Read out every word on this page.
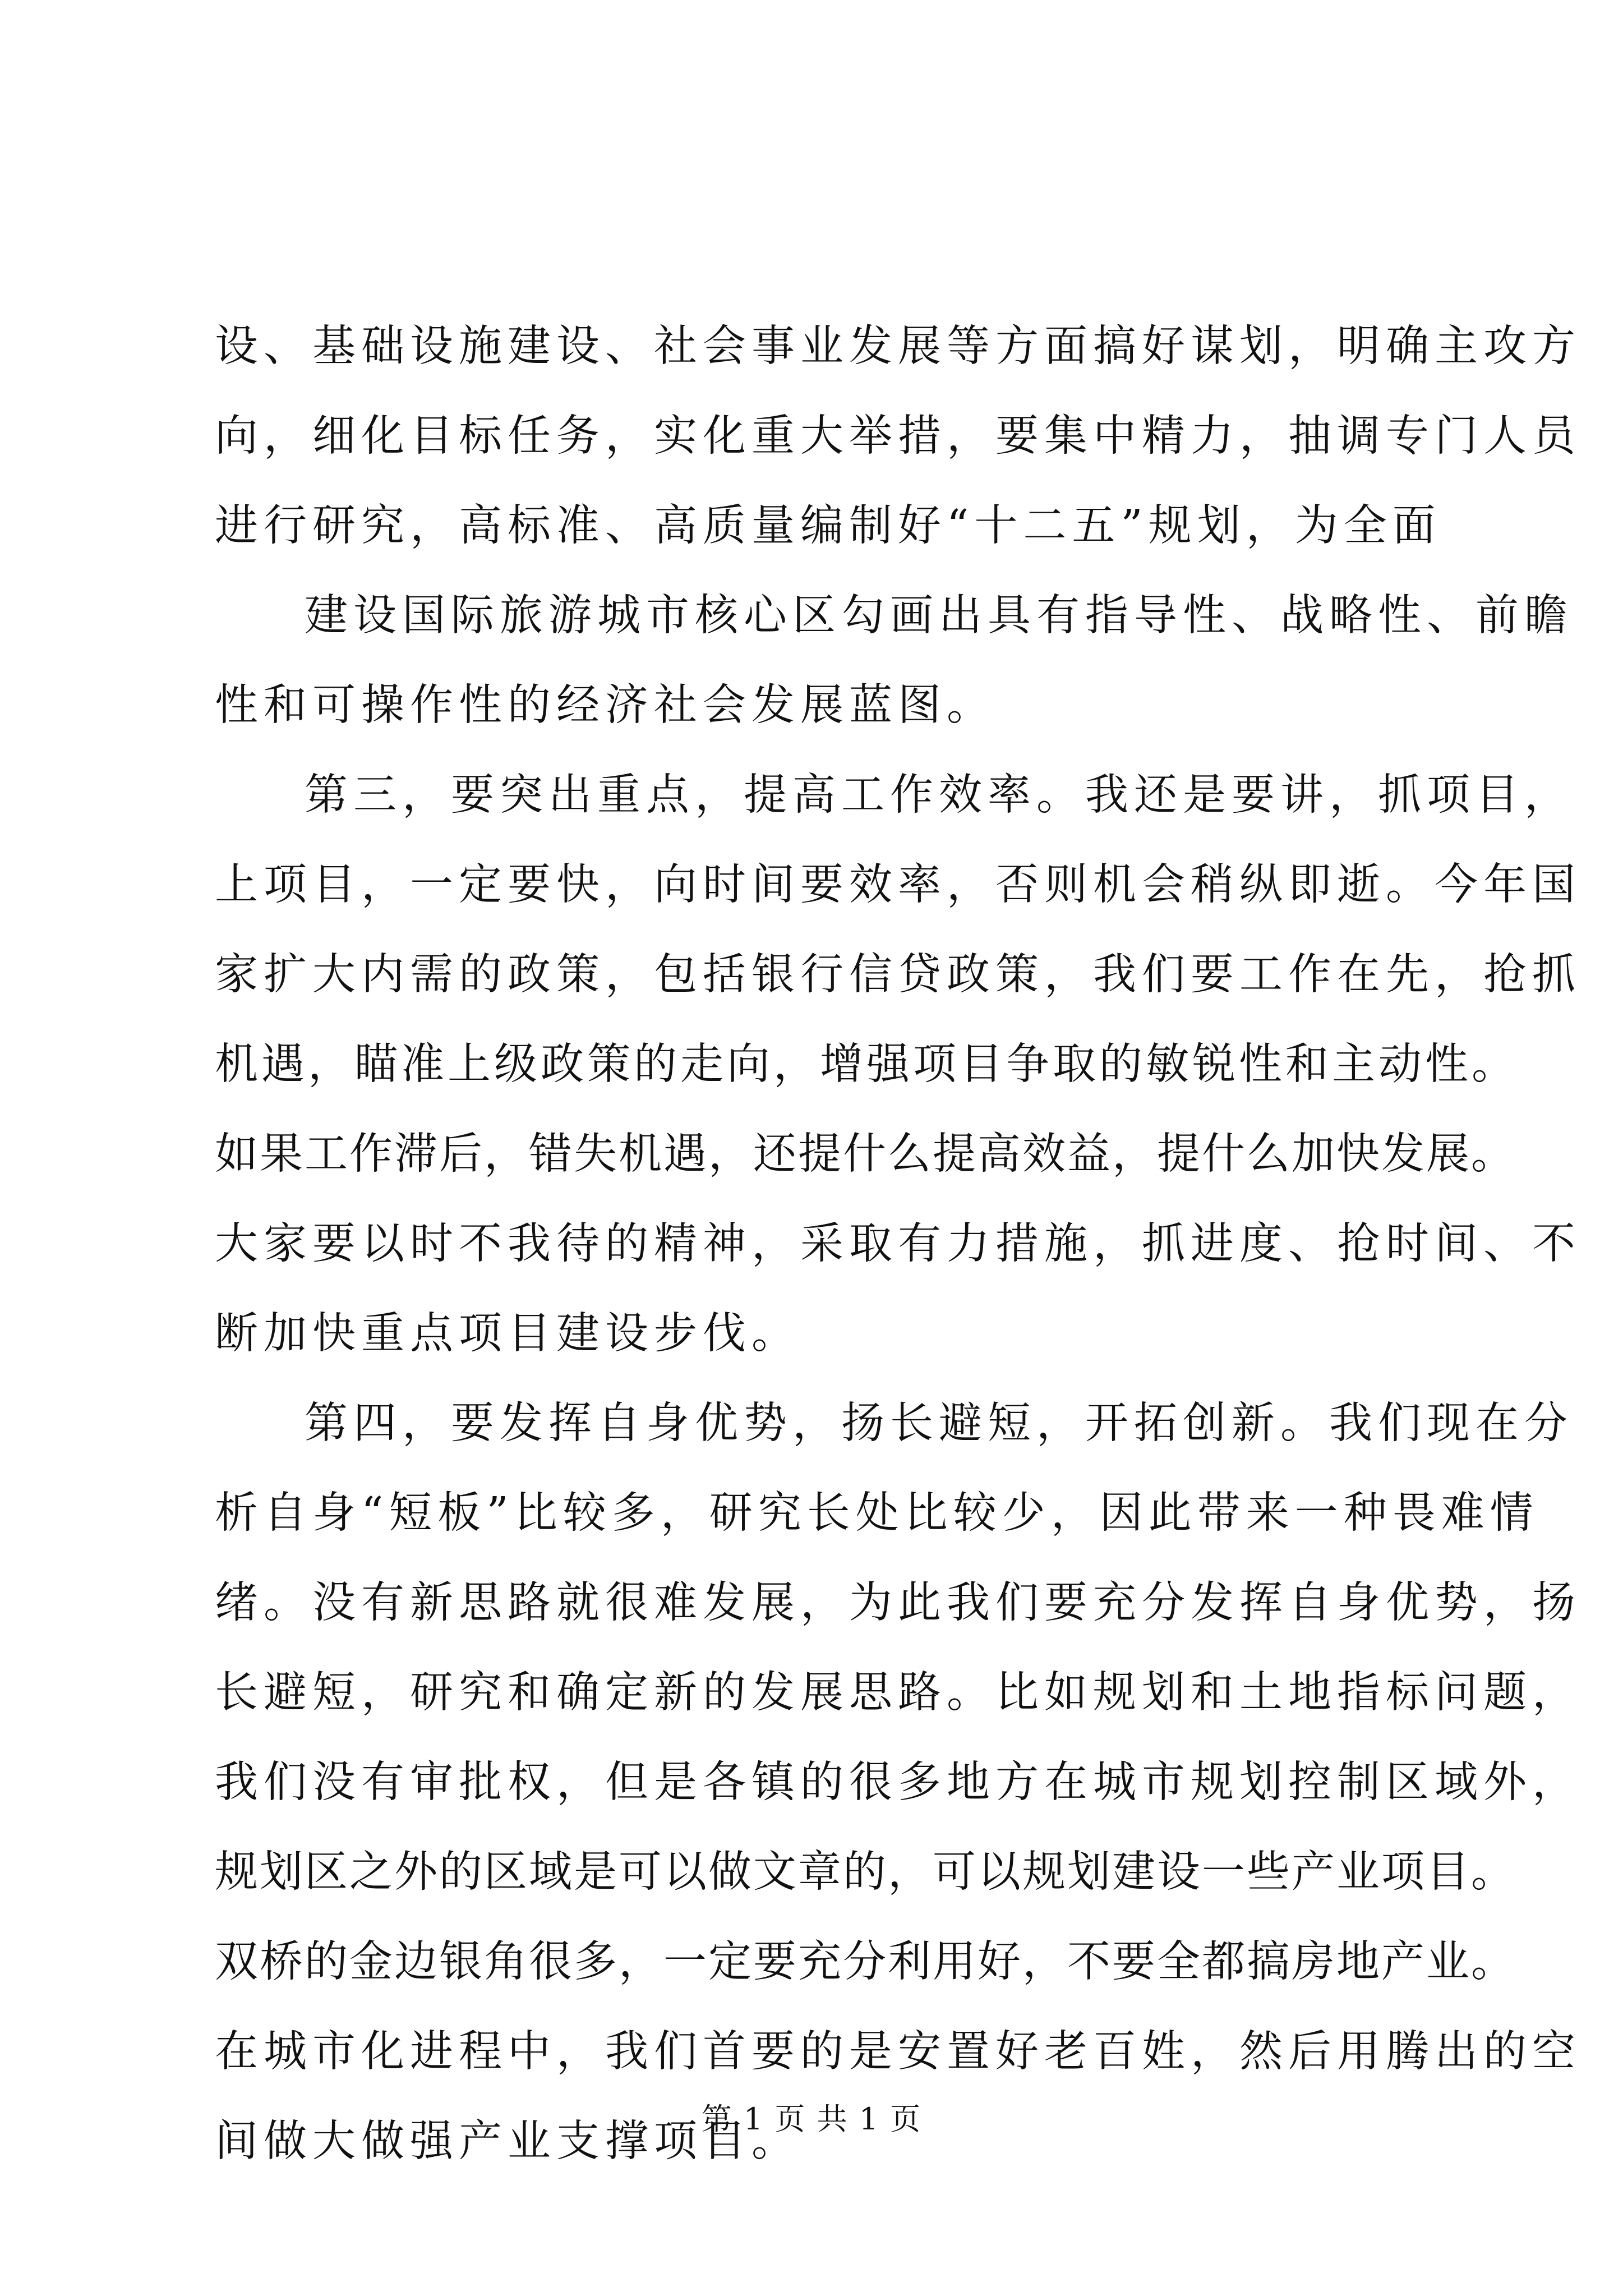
设、基础设施建设、社会事业发展等方面搞好谋划，明确主攻方
向，细化目标任务，实化重大举措，要集中精力，抽调专门人员
进行研究，高标准、高质量编制好“十二五”规划，为全面
建设国际旅游城市核心区勾画出具有指导性、战略性、前瞻
性和可操作性的经济社会发展蓝图。
第三，要突出重点，提高工作效率。我还是要讲，抓项目，
上项目，一定要快，向时间要效率，否则机会稍纵即逝。今年国
家扩大内需的政策，包括银行信贷政策，我们要工作在先，抢抓
机遇，瞄准上级政策的走向，增强项目争取的敏锐性和主动性。
如果工作滞后，错失机遇，还提什么提高效益，提什么加快发展。
大家要以时不我待的精神，采取有力措施，抓进度、抢时间、不
断加快重点项目建设步伐。
第四，要发挥自身优势，扬长避短，开拓创新。我们现在分
析自身“短板”比较多，研究长处比较少，因此带来一种畏难情
绪。没有新思路就很难发展，为此我们要充分发挥自身优势，扬
长避短，研究和确定新的发展思路。比如规划和土地指标问题，
我们没有审批权，但是各镇的很多地方在城市规划控制区域外，
规划区之外的区域是可以做文章的，可以规划建设一些产业项目。
双桥的金边银角很多，一定要充分利用好，不要全都搞房地产业。
在城市化进程中，我们首要的是安置好老百姓，然后用腾出的空
间做大做强产业支撑项目。
第 1 页 共 1 页
